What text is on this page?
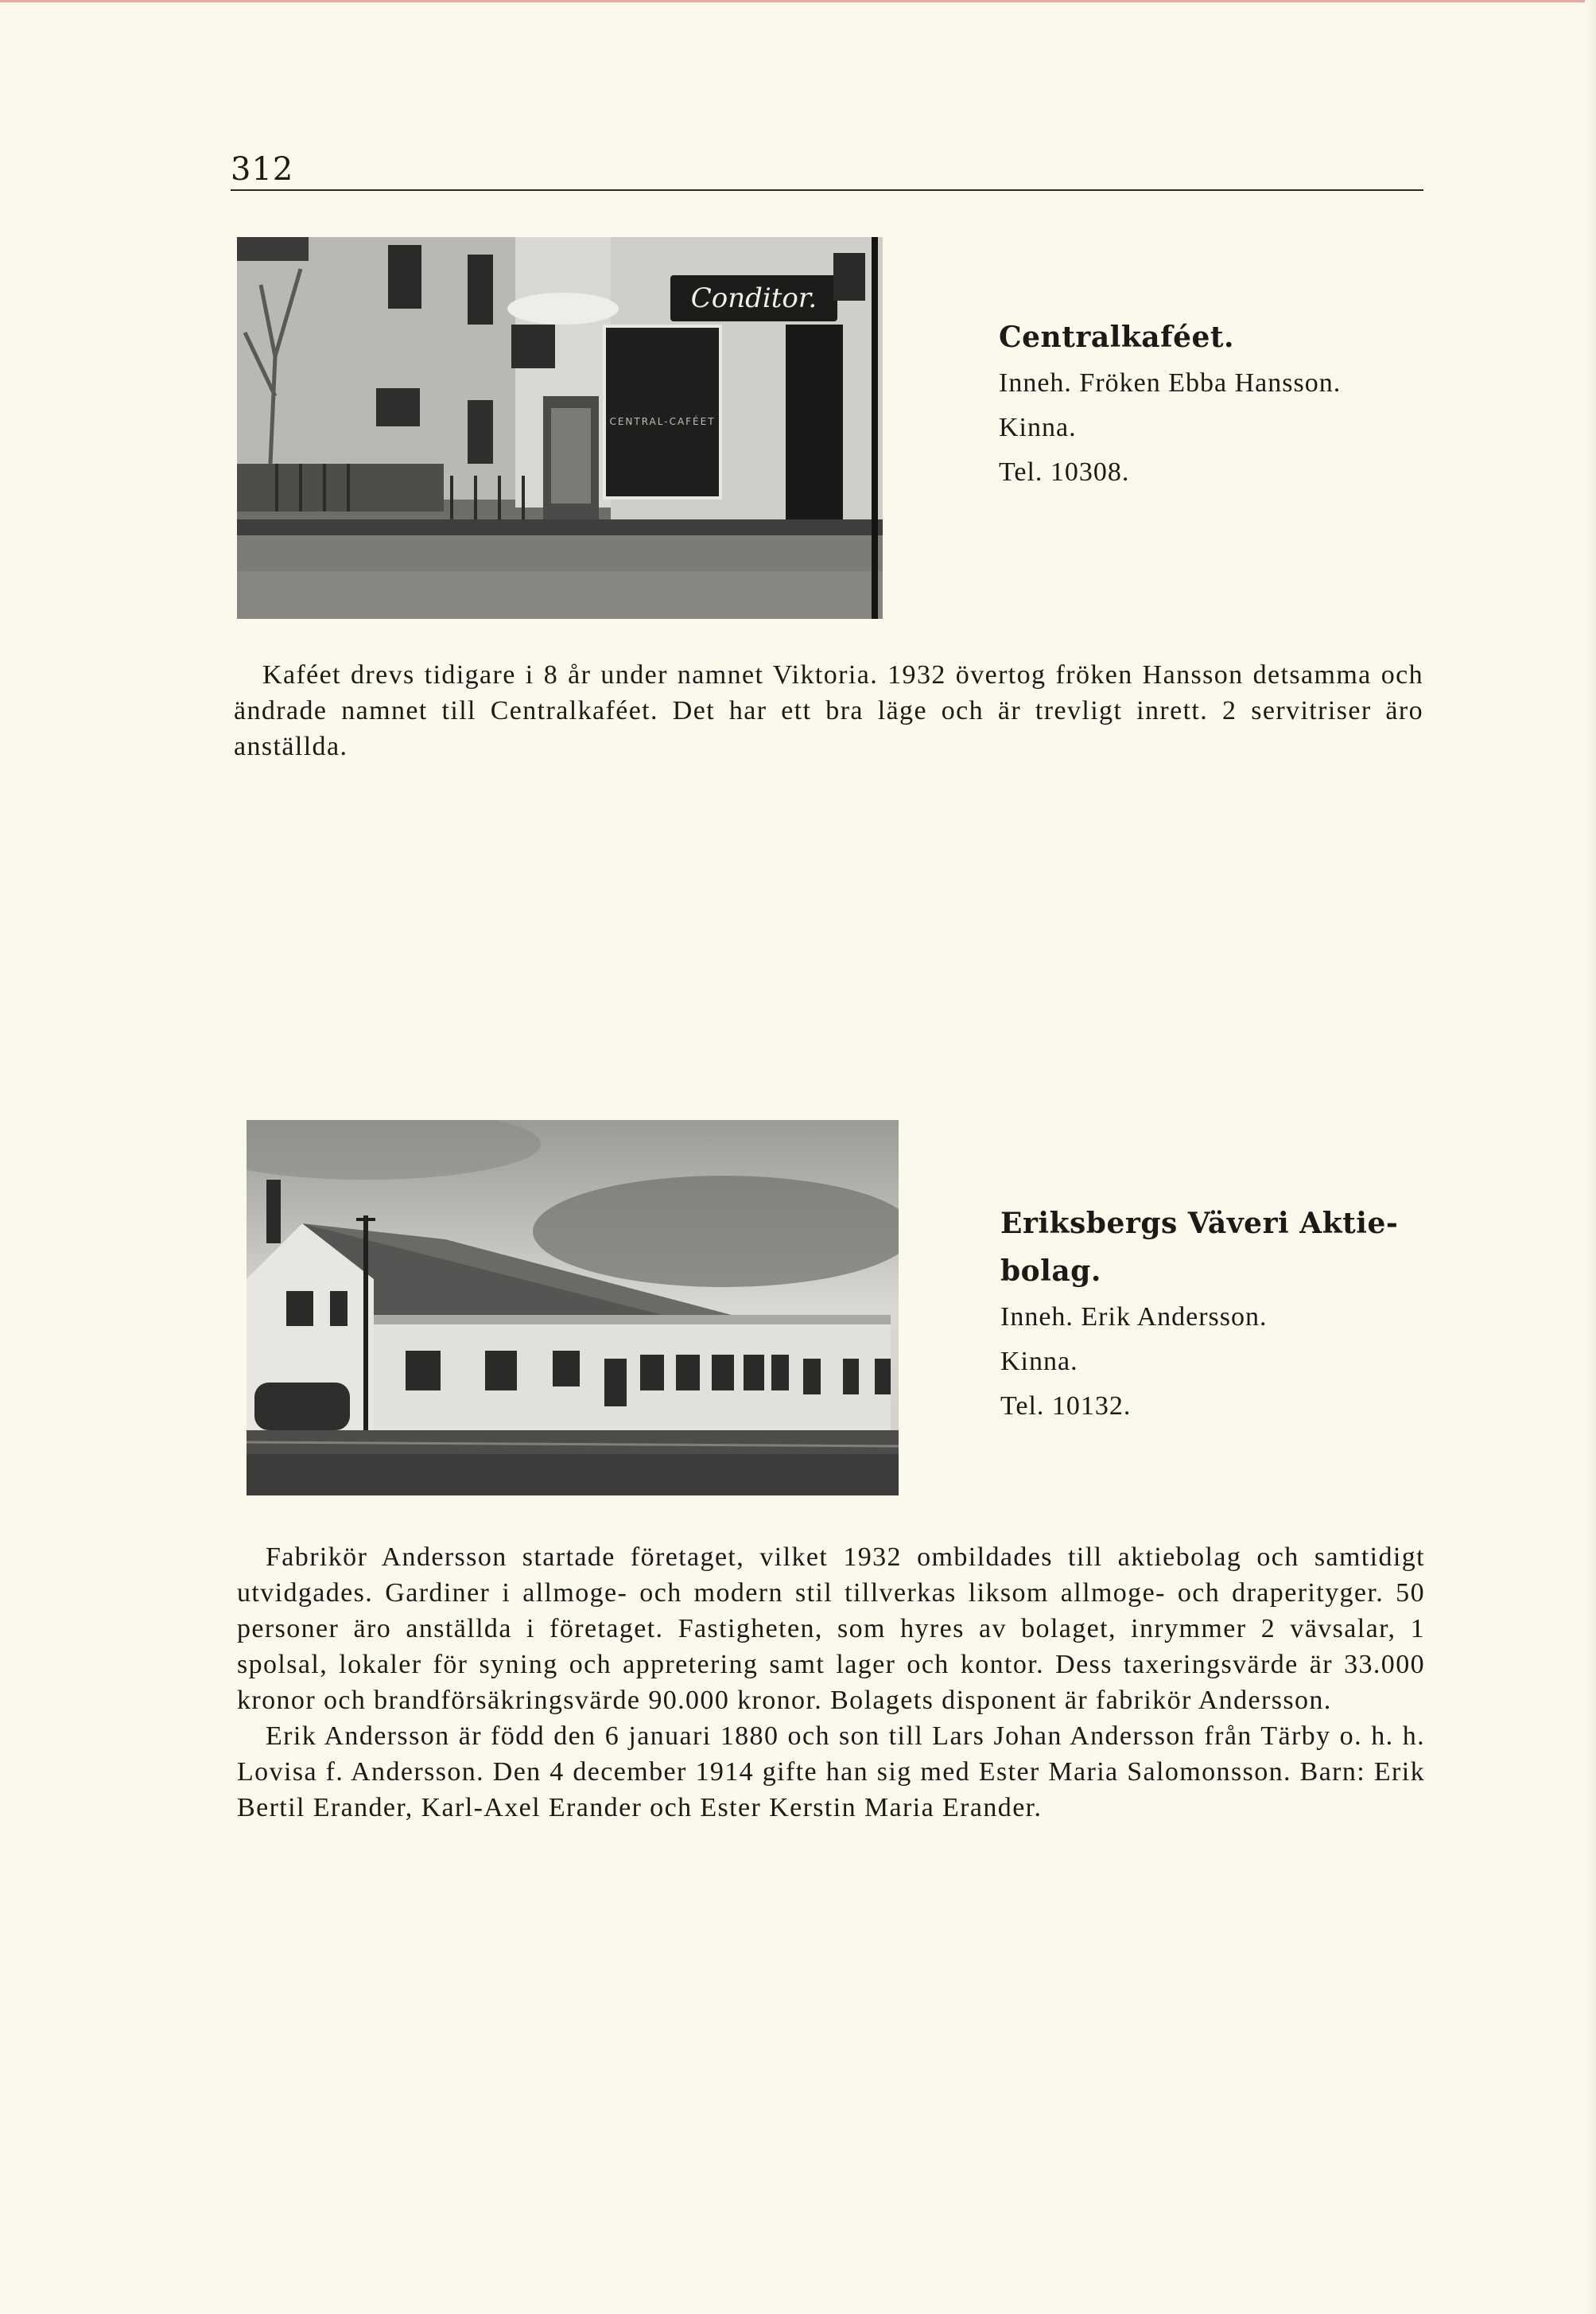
312
CENTRAL-CAFÉET
Conditor.
Centralkaféet.
Inneh. Fröken Ebba Hansson.
Kinna.
Tel. 10308.

Kaféet drevs tidigare i 8 år under namnet Viktoria. 1932 övertog fröken Hansson detsamma och ändrade namnet till Centralkaféet. Det har ett bra läge och är trevligt inrett. 2 servitriser äro anställda.

Eriksbergs Väveri Aktie-
bolag.
Inneh. Erik Andersson.
Kinna.
Tel. 10132.

Fabrikör Andersson startade företaget, vilket 1932 ombildades till aktiebolag och samtidigt utvidgades. Gardiner i allmoge- och modern stil tillverkas liksom allmoge- och draperityger. 50 personer äro anställda i företaget. Fastigheten, som hyres av bolaget, inrymmer 2 vävsalar, 1 spolsal, lokaler för syning och appretering samt lager och kontor. Dess taxeringsvärde är 33.000 kronor och brandförsäkringsvärde 90.000 kronor. Bolagets disponent är fabrikör Andersson.

Erik Andersson är född den 6 januari 1880 och son till Lars Johan Andersson från Tärby o. h. h. Lovisa f. Andersson. Den 4 december 1914 gifte han sig med Ester Maria Salomonsson. Barn: Erik Bertil Erander, Karl-Axel Erander och Ester Kerstin Maria Erander.
